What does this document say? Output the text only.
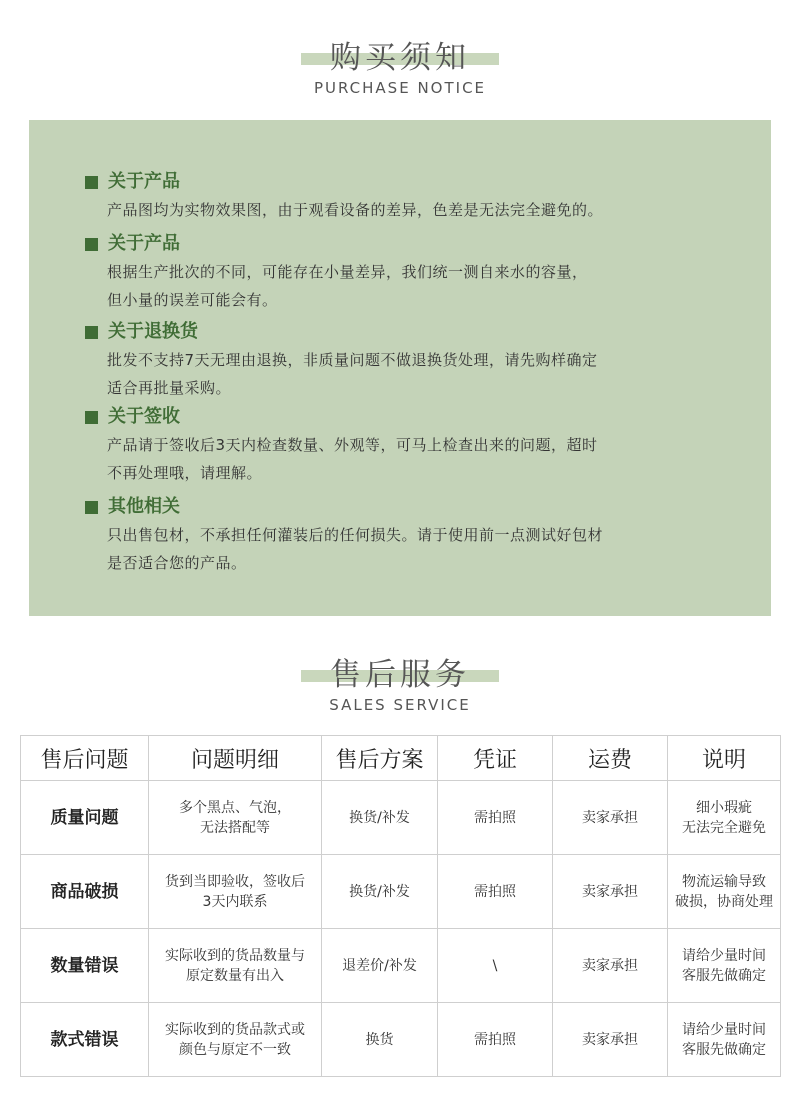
购买须知
PURCHASE NOTICE
关于产品
产品图均为实物效果图，由于观看设备的差异，色差是无法完全避免的。
关于产品
根据生产批次的不同，可能存在小量差异，我们统一测自来水的容量，
但小量的误差可能会有。
关于退换货
批发不支持7天无理由退换，非质量问题不做退换货处理，请先购样确定
适合再批量采购。
关于签收
产品请于签收后3天内检查数量、外观等，可马上检查出来的问题，超时
不再处理哦，请理解。
其他相关
只出售包材，不承担任何灌装后的任何损失。请于使用前一点测试好包材
是否适合您的产品。
售后服务
SALES SERVICE
售后问题	问题明细	售后方案	凭证	运费	说明
质量问题	多个黑点、气泡，
无法搭配等	换货/补发	需拍照	卖家承担	细小瑕疵
无法完全避免

商品破损	货到当即验收，签收后
3天内联系	换货/补发	需拍照	卖家承担	物流运输导致
破损，协商处理

数量错误	实际收到的货品数量与
原定数量有出入	退差价/补发	\	卖家承担	请给少量时间
客服先做确定

款式错误	实际收到的货品款式或
颜色与原定不一致	换货	需拍照	卖家承担	请给少量时间
客服先做确定
